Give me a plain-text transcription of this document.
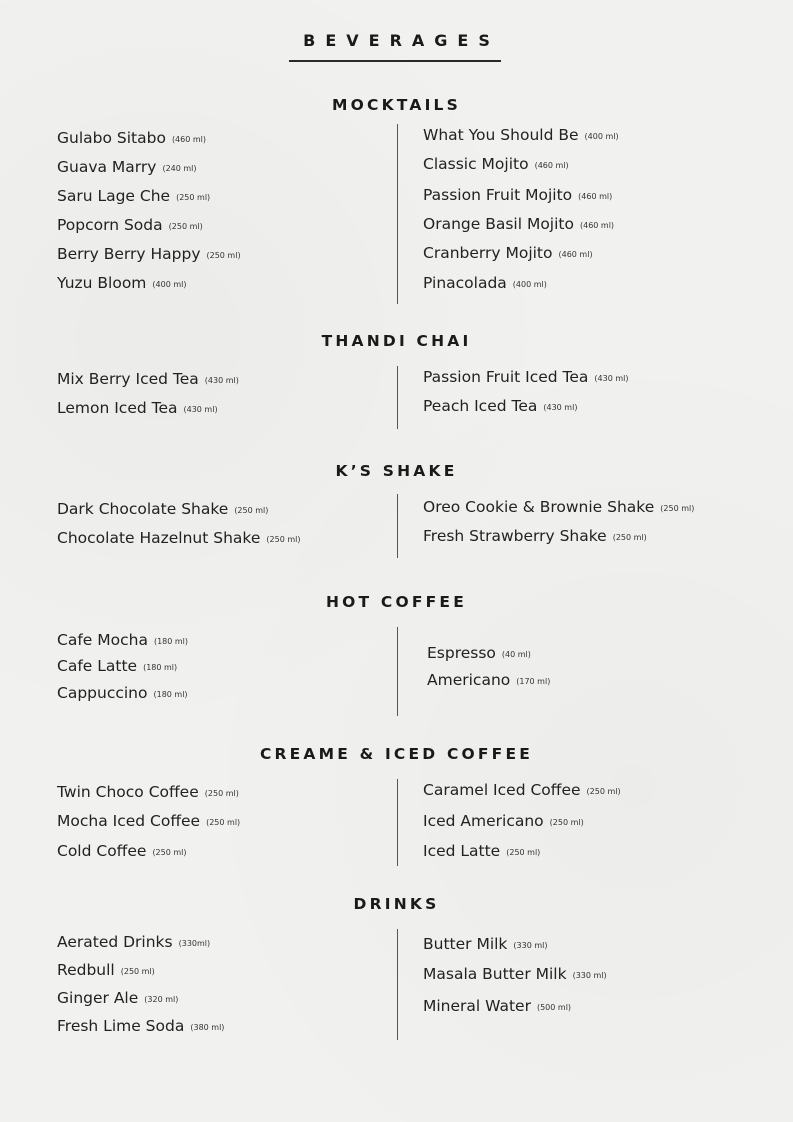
BEVERAGES
MOCKTAILS
Gulabo Sitabo (460 ml)
Guava Marry (240 ml)
Saru Lage Che (250 ml)
Popcorn Soda (250 ml)
Berry Berry Happy (250 ml)
Yuzu Bloom (400 ml)
What You Should Be (400 ml)
Classic Mojito (460 ml)
Passion Fruit Mojito (460 ml)
Orange Basil Mojito (460 ml)
Cranberry Mojito (460 ml)
Pinacolada (400 ml)
THANDI CHAI
Mix Berry Iced Tea (430 ml)
Lemon Iced Tea (430 ml)
Passion Fruit Iced Tea (430 ml)
Peach Iced Tea (430 ml)
K’S SHAKE
Dark Chocolate Shake (250 ml)
Chocolate Hazelnut Shake (250 ml)
Oreo Cookie & Brownie Shake (250 ml)
Fresh Strawberry Shake (250 ml)
HOT COFFEE
Cafe Mocha (180 ml)
Cafe Latte (180 ml)
Cappuccino (180 ml)
Espresso (40 ml)
Americano (170 ml)
CREAME & ICED COFFEE
Twin Choco Coffee (250 ml)
Mocha Iced Coffee (250 ml)
Cold Coffee (250 ml)
Caramel Iced Coffee (250 ml)
Iced Americano (250 ml)
Iced Latte (250 ml)
DRINKS
Aerated Drinks (330ml)
Redbull (250 ml)
Ginger Ale (320 ml)
Fresh Lime Soda (380 ml)
Butter Milk (330 ml)
Masala Butter Milk (330 ml)
Mineral Water (500 ml)
